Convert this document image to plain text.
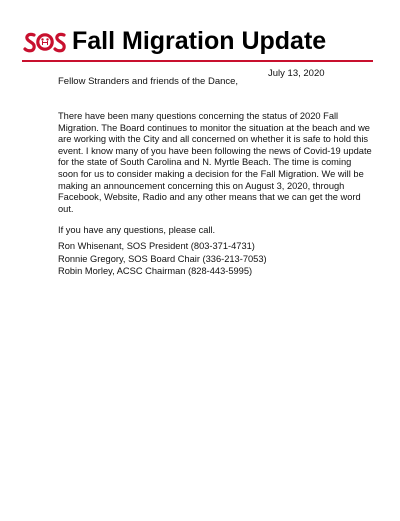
Fall Migration Update
July 13, 2020
Fellow Stranders and friends of the Dance,

There have been many questions concerning the status of 2020 Fall Migration. The Board continues to monitor the situation at the beach and we are working with the City and all concerned on whether it is safe to hold this event. I know many of you have been following the news of Covid-19 update for the state of South Carolina and N. Myrtle Beach. The time is coming soon for us to consider making a decision for the Fall Migration. We will be making an announcement concerning this on August 3, 2020, through Facebook, Website, Radio and any other means that we can get the word out.

If you have any questions, please call.
Ron Whisenant, SOS President (803-371-4731)
Ronnie Gregory, SOS Board Chair (336-213-7053)
Robin Morley, ACSC Chairman (828-443-5995)
